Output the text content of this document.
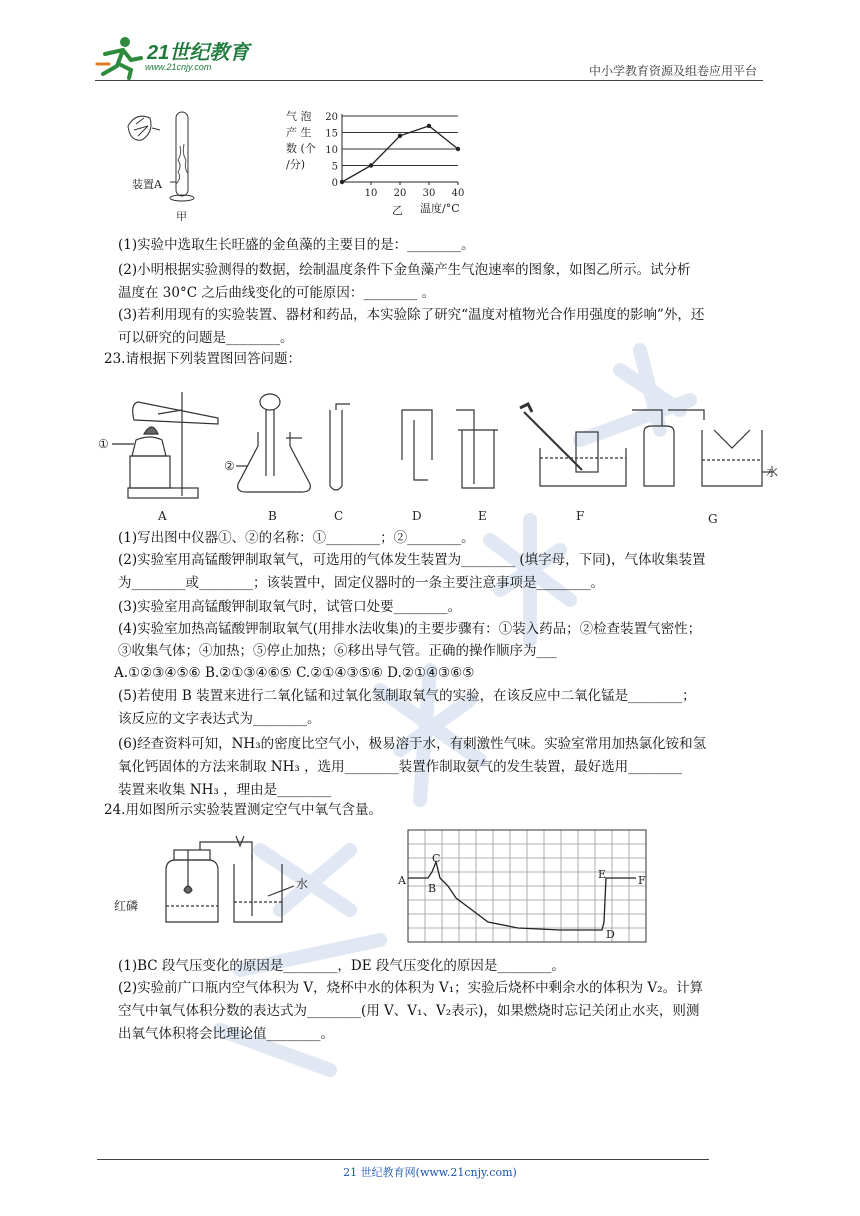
21世纪教育
www.21cnjy.com	中小学教育资源及组卷应用平台
装置A
甲
气 泡
产 生
数 (个
/分)
0
5
10
15
20
10 20 30 40
乙 温度/°C
(1)实验中选取生长旺盛的金鱼藻的主要目的是：________。
(2)小明根据实验测得的数据，绘制温度条件下金鱼藻产生气泡速率的图象，如图乙所示。试分析
温度在 30°C 之后曲线变化的可能原因：________ 。
(3)若利用现有的实验装置、器材和药品，本实验除了研究“温度对植物光合作用强度的影响”外，还
可以研究的问题是________。
23.请根据下列装置图回答问题：
①
②	水
A	B	C	D	E	F	G
(1)写出图中仪器①、②的名称：①________；②________。
(2)实验室用高锰酸钾制取氧气，可选用的气体发生装置为________ (填字母，下同)，气体收集装置
为________或________；该装置中，固定仪器时的一条主要注意事项是________。
(3)实验室用高锰酸钾制取氧气时，试管口处要________。
(4)实验室加热高锰酸钾制取氧气(用排水法收集)的主要步骤有：①装入药品；②检查装置气密性；
③收集气体；④加热；⑤停止加热；⑥移出导气管。正确的操作顺序为___
A.①②③④⑤⑥ B.②①③④⑥⑤ C.②①④③⑤⑥ D.②①④③⑥⑤
(5)若使用 B 装置来进行二氧化锰和过氧化氢制取氧气的实验，在该反应中二氧化锰是________；
该反应的文字表达式为________。
(6)经查资料可知，NH₃的密度比空气小，极易溶于水，有刺激性气味。实验室常用加热氯化铵和氢
氧化钙固体的方法来制取 NH₃ ，选用________装置作制取氨气的发生装置，最好选用________
装置来收集 NH₃ ，理由是________
24.用如图所示实验装置测定空气中氧气含量。
红磷
水	A
B
C
D
E	F
(1)BC 段气压变化的原因是________，DE 段气压变化的原因是________。
(2)实验前广口瓶内空气体积为 V，烧杯中水的体积为 V₁；实验后烧杯中剩余水的体积为 V₂。计算
空气中氧气体积分数的表达式为________(用 V、V₁、V₂表示)，如果燃烧时忘记关闭止水夹，则测
出氧气体积将会比理论值________。
21 世纪教育网(www.21cnjy.com)
